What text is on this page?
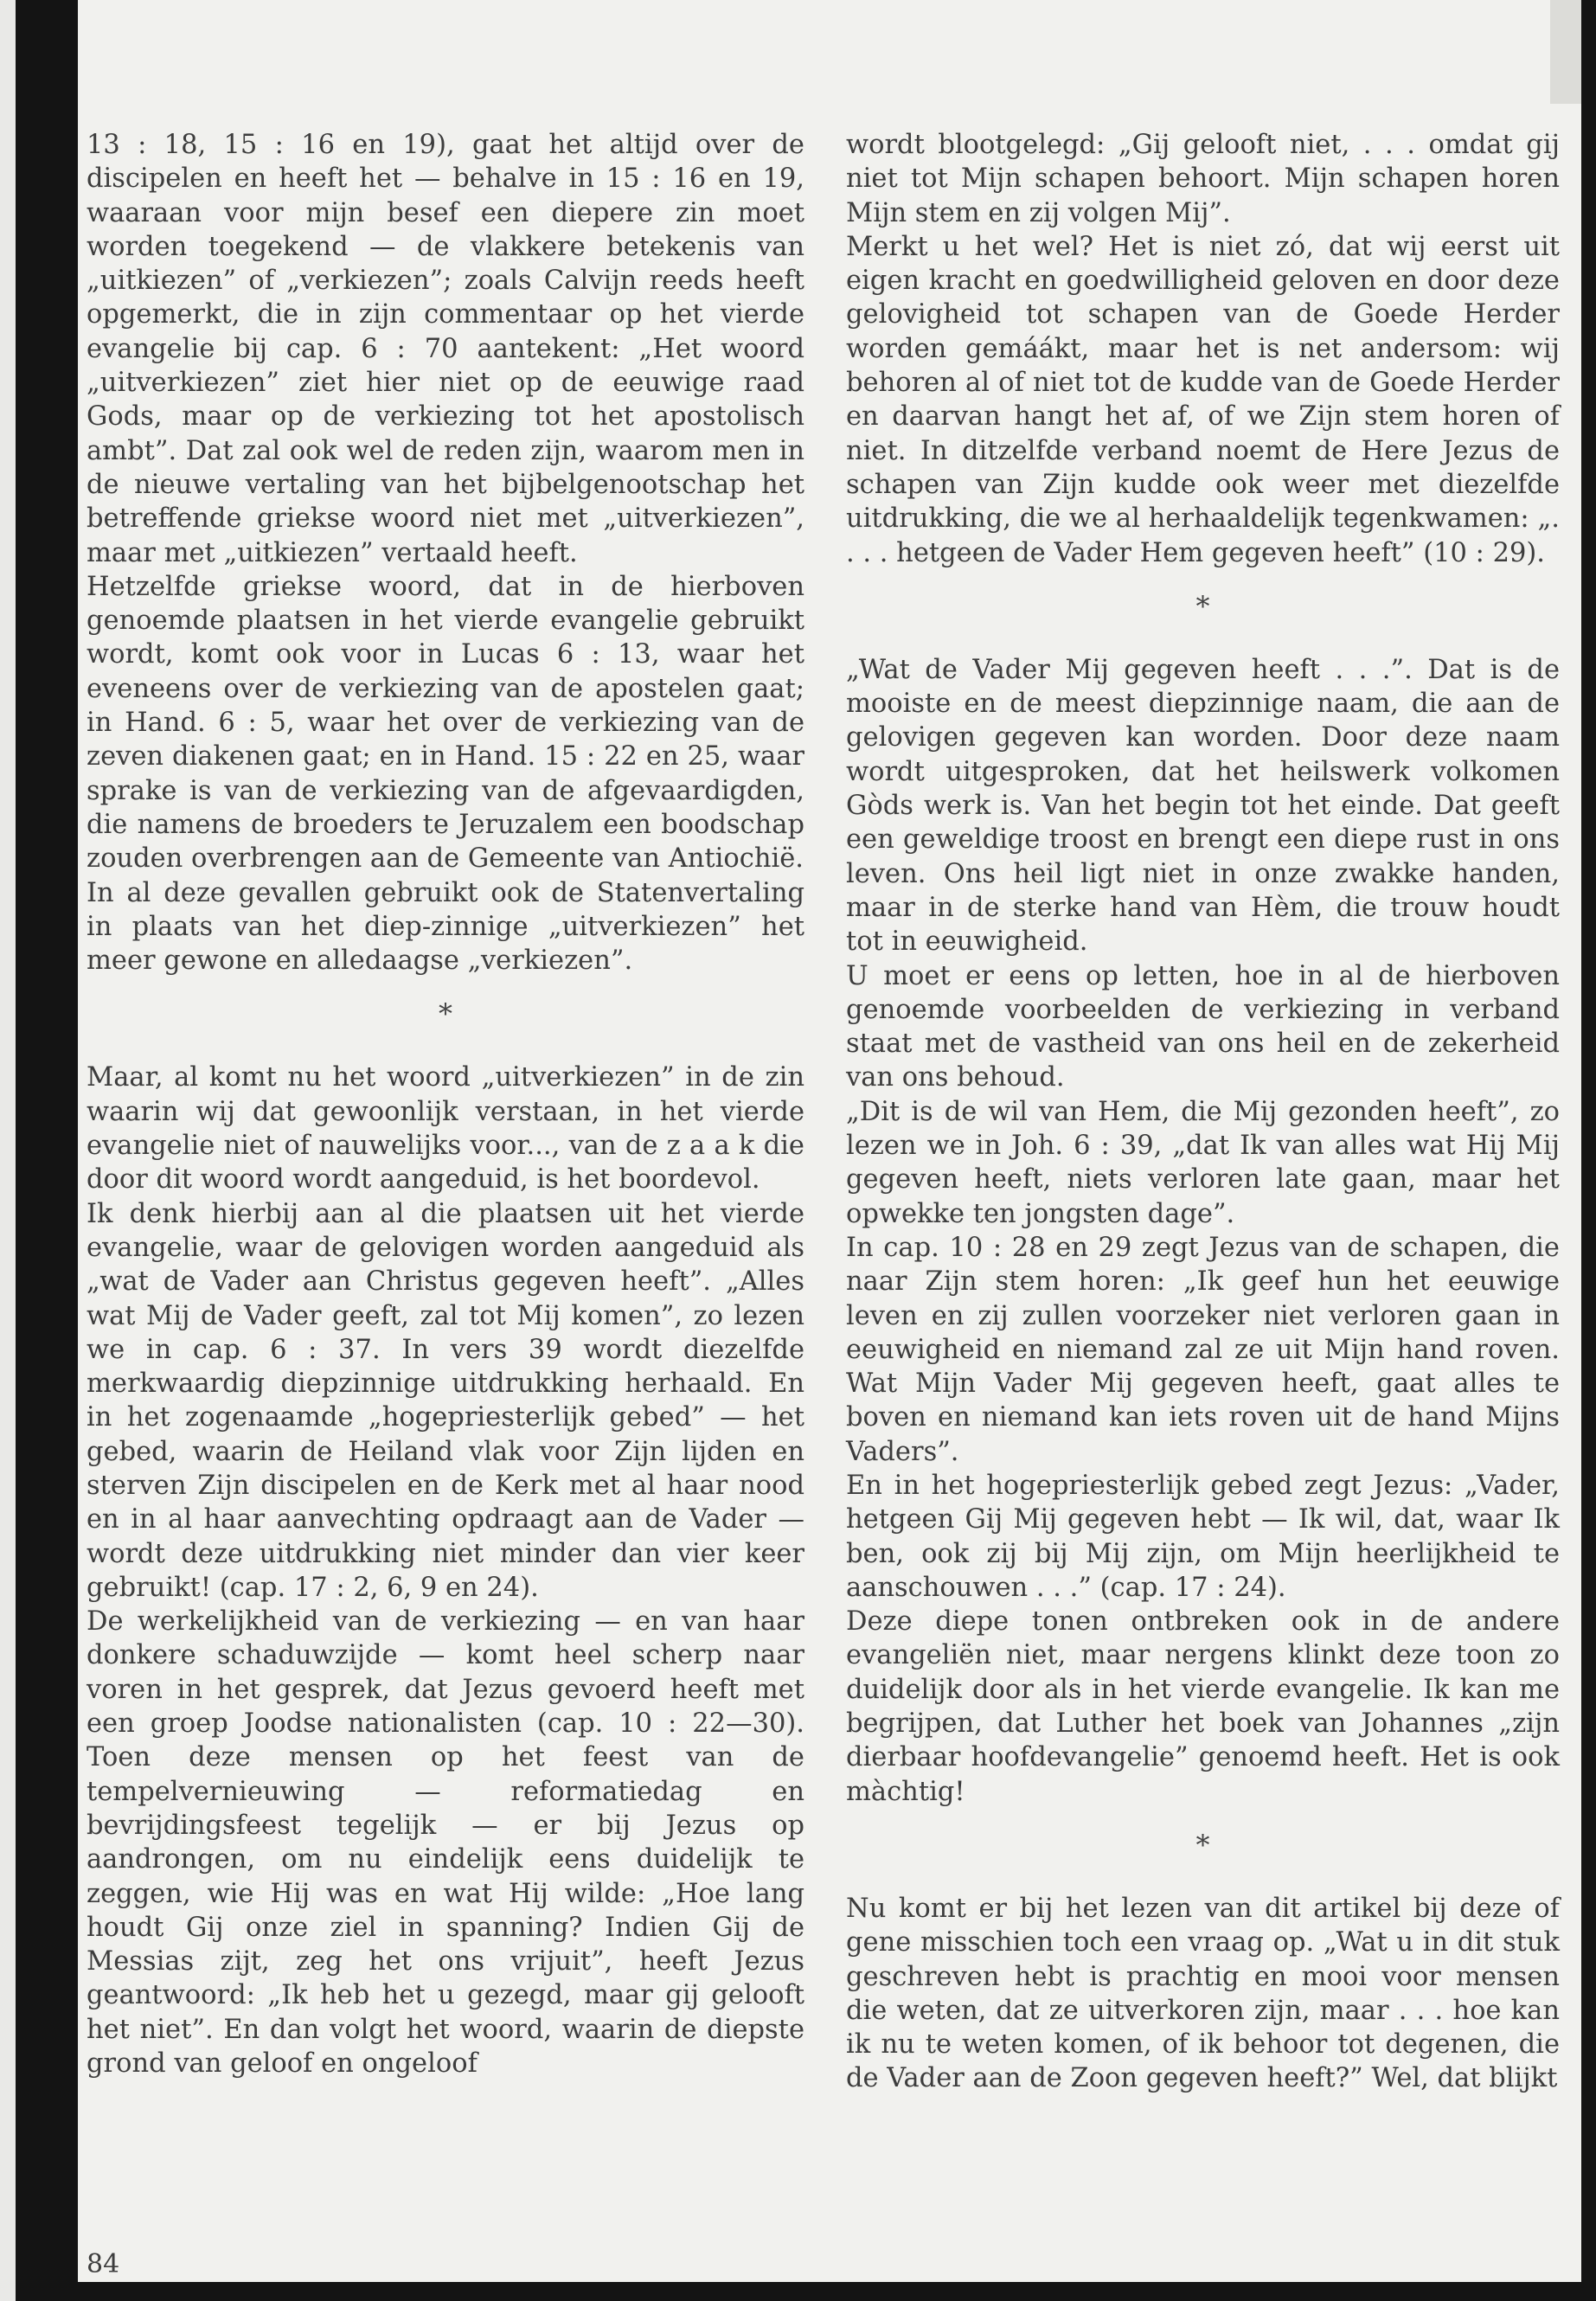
13 : 18, 15 : 16 en 19), gaat het altijd over de discipelen en heeft het — behalve in 15 : 16 en 19, waaraan voor mijn besef een diepere zin moet worden toegekend — de vlakkere betekenis van „uitkiezen” of „verkiezen”; zoals Calvijn reeds heeft opgemerkt, die in zijn commentaar op het vierde evangelie bij cap. 6 : 70 aantekent: „Het woord „uitverkiezen” ziet hier niet op de eeuwige raad Gods, maar op de verkiezing tot het apostolisch ambt”. Dat zal ook wel de reden zijn, waarom men in de nieuwe vertaling van het bijbelgenootschap het betreffende griekse woord niet met „uitverkiezen”, maar met „uitkiezen” vertaald heeft.

Hetzelfde griekse woord, dat in de hierboven genoemde plaatsen in het vierde evangelie gebruikt wordt, komt ook voor in Lucas 6 : 13, waar het eveneens over de verkiezing van de apostelen gaat; in Hand. 6 : 5, waar het over de verkiezing van de zeven diakenen gaat; en in Hand. 15 : 22 en 25, waar sprake is van de verkiezing van de afgevaardigden, die namens de broeders te Jeruzalem een boodschap zouden overbrengen aan de Gemeente van Antiochië.

In al deze gevallen gebruikt ook de Statenvertaling in plaats van het diep-zinnige „uitverkiezen” het meer gewone en alledaagse „verkiezen”.

*

Maar, al komt nu het woord „uitverkiezen” in de zin waarin wij dat gewoonlijk verstaan, in het vierde evangelie niet of nauwelijks voor..., van de z a a k die door dit woord wordt aangeduid, is het boordevol.

Ik denk hierbij aan al die plaatsen uit het vierde evangelie, waar de gelovigen worden aangeduid als „wat de Vader aan Christus gegeven heeft”. „Alles wat Mij de Vader geeft, zal tot Mij komen”, zo lezen we in cap. 6 : 37. In vers 39 wordt diezelfde merkwaardig diepzinnige uitdrukking herhaald. En in het zogenaamde „hogepriesterlijk gebed” — het gebed, waarin de Heiland vlak voor Zijn lijden en sterven Zijn discipelen en de Kerk met al haar nood en in al haar aanvechting opdraagt aan de Vader — wordt deze uitdrukking niet minder dan vier keer gebruikt! (cap. 17 : 2, 6, 9 en 24).

De werkelijkheid van de verkiezing — en van haar donkere schaduwzijde — komt heel scherp naar voren in het gesprek, dat Jezus gevoerd heeft met een groep Joodse nationalisten (cap. 10 : 22—30). Toen deze mensen op het feest van de tempelvernieuwing — reformatiedag en bevrijdingsfeest tegelijk — er bij Jezus op aandrongen, om nu eindelijk eens duidelijk te zeggen, wie Hij was en wat Hij wilde: „Hoe lang houdt Gij onze ziel in spanning? Indien Gij de Messias zijt, zeg het ons vrijuit”, heeft Jezus geantwoord: „Ik heb het u gezegd, maar gij gelooft het niet”. En dan volgt het woord, waarin de diepste grond van geloof en ongeloof

wordt blootgelegd: „Gij gelooft niet, . . . omdat gij niet tot Mijn schapen behoort. Mijn schapen horen Mijn stem en zij volgen Mij”.

Merkt u het wel? Het is niet zó, dat wij eerst uit eigen kracht en goedwilligheid geloven en door deze gelovigheid tot schapen van de Goede Herder worden gemáákt, maar het is net andersom: wij behoren al of niet tot de kudde van de Goede Herder en daarvan hangt het af, of we Zijn stem horen of niet. In ditzelfde verband noemt de Here Jezus de schapen van Zijn kudde ook weer met diezelfde uitdrukking, die we al herhaaldelijk tegenkwamen: „. . . . hetgeen de Vader Hem gegeven heeft” (10 : 29).

*

„Wat de Vader Mij gegeven heeft . . .”. Dat is de mooiste en de meest diepzinnige naam, die aan de gelovigen gegeven kan worden. Door deze naam wordt uitgesproken, dat het heilswerk volkomen Gòds werk is. Van het begin tot het einde. Dat geeft een geweldige troost en brengt een diepe rust in ons leven. Ons heil ligt niet in onze zwakke handen, maar in de sterke hand van Hèm, die trouw houdt tot in eeuwigheid.

U moet er eens op letten, hoe in al de hierboven genoemde voorbeelden de verkiezing in verband staat met de vastheid van ons heil en de zekerheid van ons behoud.

„Dit is de wil van Hem, die Mij gezonden heeft”, zo lezen we in Joh. 6 : 39, „dat Ik van alles wat Hij Mij gegeven heeft, niets verloren late gaan, maar het opwekke ten jongsten dage”.

In cap. 10 : 28 en 29 zegt Jezus van de schapen, die naar Zijn stem horen: „Ik geef hun het eeuwige leven en zij zullen voorzeker niet verloren gaan in eeuwigheid en niemand zal ze uit Mijn hand roven. Wat Mijn Vader Mij gegeven heeft, gaat alles te boven en niemand kan iets roven uit de hand Mijns Vaders”.

En in het hogepriesterlijk gebed zegt Jezus: „Vader, hetgeen Gij Mij gegeven hebt — Ik wil, dat, waar Ik ben, ook zij bij Mij zijn, om Mijn heerlijkheid te aanschouwen . . .” (cap. 17 : 24).

Deze diepe tonen ontbreken ook in de andere evangeliën niet, maar nergens klinkt deze toon zo duidelijk door als in het vierde evangelie. Ik kan me begrijpen, dat Luther het boek van Johannes „zijn dierbaar hoofdevangelie” genoemd heeft. Het is ook màchtig!

*

Nu komt er bij het lezen van dit artikel bij deze of gene misschien toch een vraag op. „Wat u in dit stuk geschreven hebt is prachtig en mooi voor mensen die weten, dat ze uitverkoren zijn, maar . . . hoe kan ik nu te weten komen, of ik behoor tot degenen, die de Vader aan de Zoon gegeven heeft?” Wel, dat blijkt

84
